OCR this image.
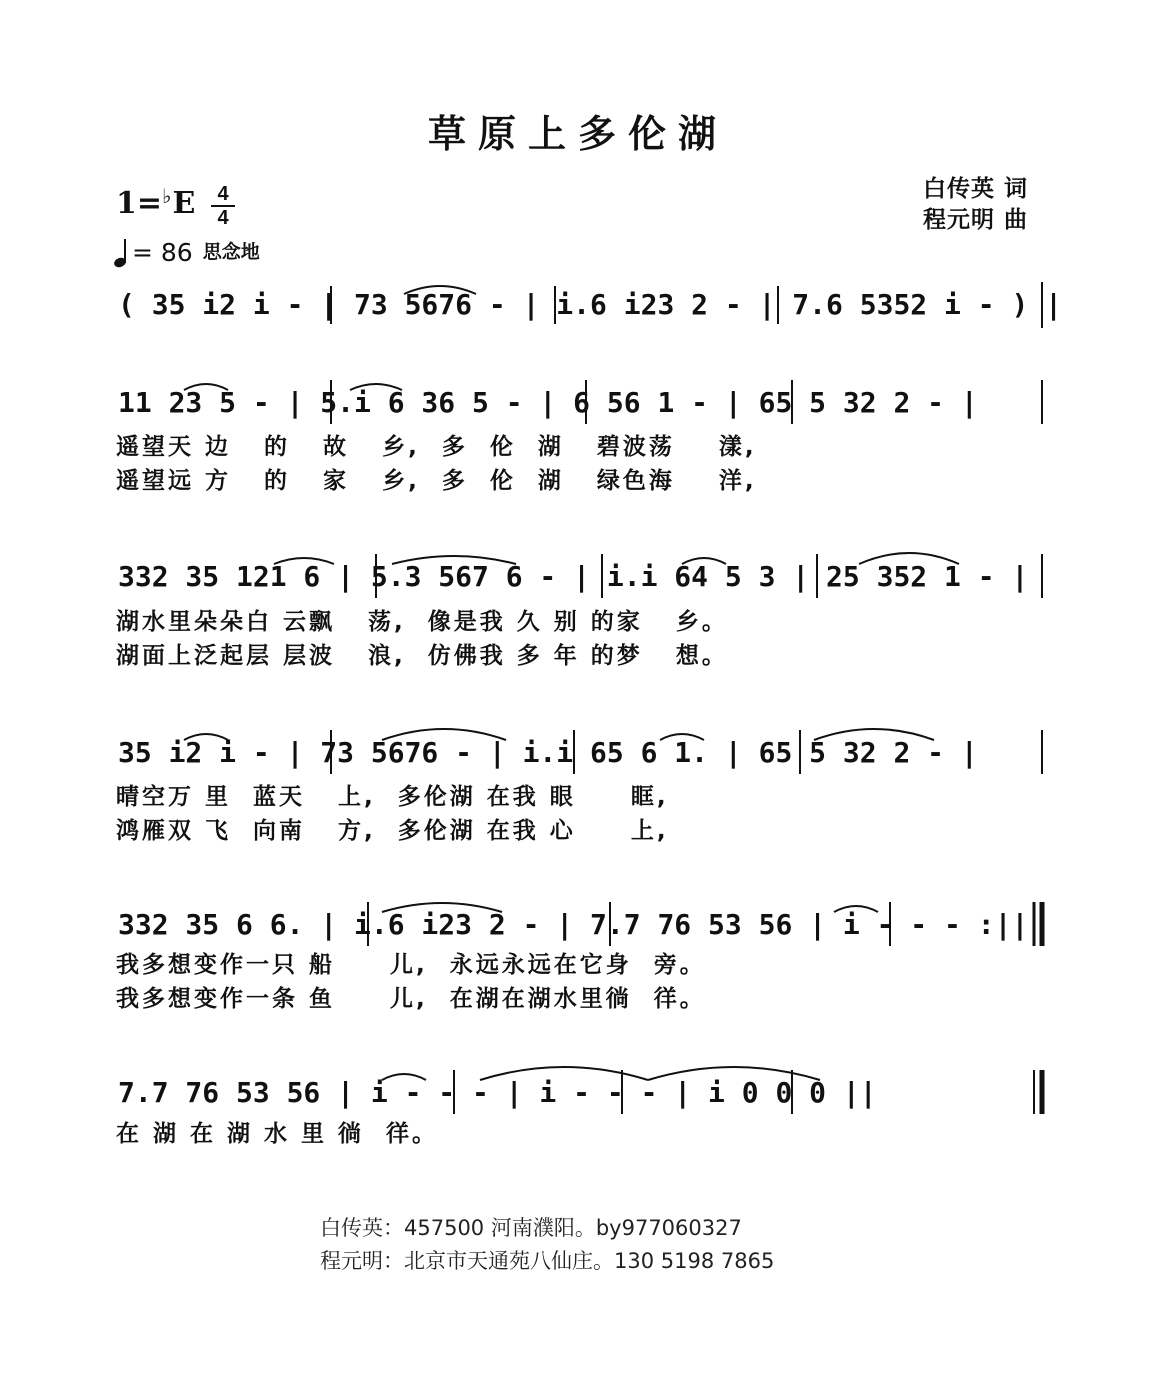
草原上多伦湖
白传英 词
程元明 曲
1=♭E	4
4
= 86 思念地
( 35 i2 i - | 73 5676 - | i.6 i23 2 - | 7.6 5352 i - ) |
11 23 5 - | 5.i 6 36 5 - | 6 56 1 - | 65 5 32 2 - |
332 35 121 6 | 5.3 567 6 - | i.i 64 5 3 | 25 352 1 - |
35 i2 i - | 73 5676 - | i.i 65 6 1. | 65 5 32 2 - |
332 35 6 6. | i.6 i23 2 - | 7.7 76 53 56 | i - - - :||
7.7 76 53 56 | i - - - | i - - - | i 0 0 0 ||
遥望天 边   的   故   乡,  多  伦  湖   碧波荡    漾,
遥望远 方   的   家   乡,  多  伦  湖   绿色海    洋,
湖水里朵朵白 云飘   荡,  像是我 久 别 的家   乡。
湖面上泛起层 层波   浪,  仿佛我 多 年 的梦   想。
晴空万 里  蓝天   上,  多伦湖 在我 眼     眶,
鸿雁双 飞  向南   方,  多伦湖 在我 心     上,
我多想变作一只 船     儿,  永远永远在它身  旁。
我多想变作一条 鱼     儿,  在湖在湖水里徜  徉。
在 湖 在 湖 水 里 徜  徉。
白传英：457500 河南濮阳。by977060327
程元明：北京市天通苑八仙庄。130 5198 7865
